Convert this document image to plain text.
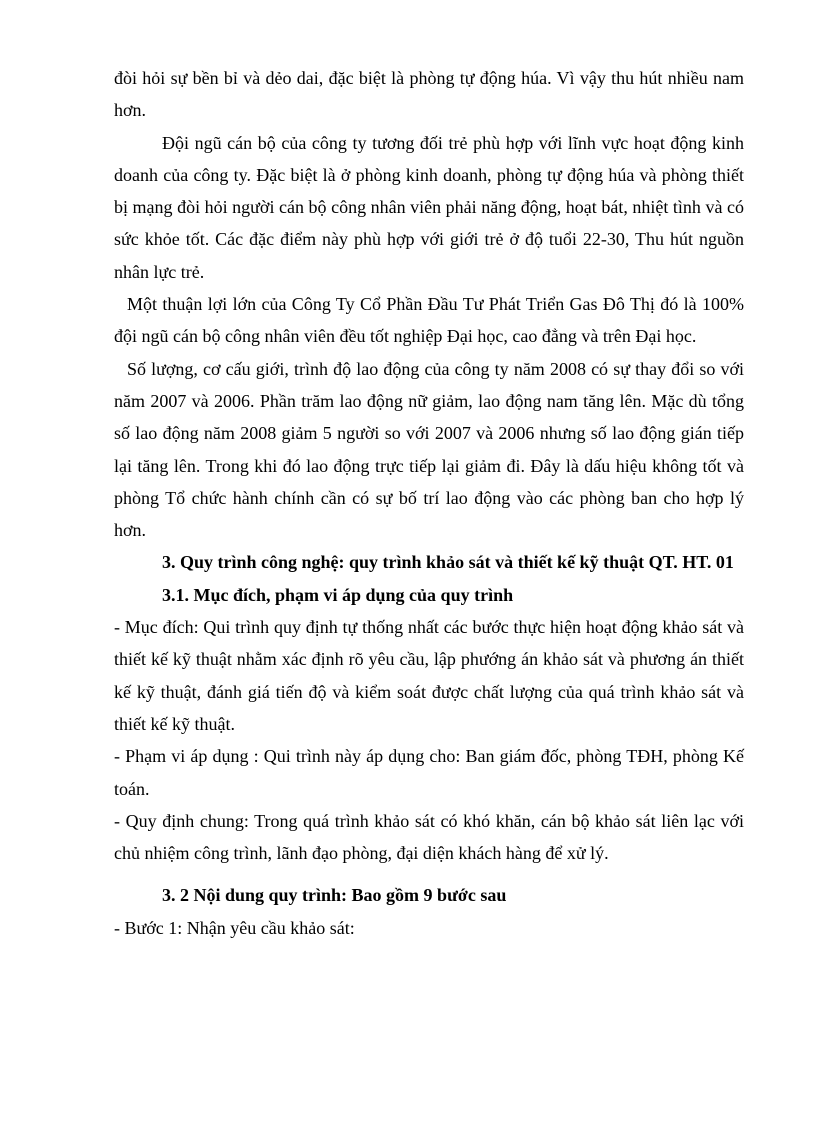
đòi hỏi sự bền bỉ và dẻo dai, đặc biệt là phòng tự động húa. Vì vậy thu hút nhiều nam hơn.

Đội ngũ cán bộ của công ty tương đối trẻ phù hợp với lĩnh vực hoạt động kinh doanh của công ty. Đặc biệt là ở phòng kinh doanh, phòng tự động húa và phòng thiết bị mạng đòi hỏi người cán bộ công nhân viên phải năng động, hoạt bát, nhiệt tình và có sức khỏe tốt. Các đặc điểm này phù hợp với giới trẻ ở độ tuổi 22-30, Thu hút nguồn nhân lực trẻ.

Một thuận lợi lớn của Công Ty Cổ Phần Đầu Tư Phát Triển Gas Đô Thị đó là 100% đội ngũ cán bộ công nhân viên đều tốt nghiệp Đại học, cao đẳng và trên Đại học.

Số lượng, cơ cấu giới, trình độ lao động của công ty năm 2008 có sự thay đổi so với năm 2007 và 2006. Phần trăm lao động nữ giảm, lao động nam tăng lên. Mặc dù tổng số lao động năm 2008 giảm 5 người so với 2007 và 2006 nhưng số lao động gián tiếp lại tăng lên. Trong khi đó lao động trực tiếp lại giảm đi. Đây là dấu hiệu không tốt và phòng Tổ chức hành chính cần có sự bố trí lao động vào các phòng ban cho hợp lý hơn.

3. Quy trình công nghệ: quy trình khảo sát và thiết kế kỹ thuật QT. HT. 01

3.1. Mục đích, phạm vi áp dụng của quy trình

- Mục đích: Qui trình quy định tự thống nhất các bước thực hiện hoạt động khảo sát và thiết kế kỹ thuật nhằm xác định rõ yêu cầu, lập phướng án khảo sát và phương án thiết kế kỹ thuật, đánh giá tiến độ và kiểm soát được chất lượng của quá trình khảo sát và thiết kế kỹ thuật.

- Phạm vi áp dụng : Qui trình này áp dụng cho: Ban giám đốc, phòng TĐH, phòng Kế toán.

- Quy định chung: Trong quá trình khảo sát có khó khăn, cán bộ khảo sát liên lạc với chủ nhiệm công trình, lãnh đạo phòng, đại diện khách hàng để xử lý.

3. 2 Nội dung quy trình: Bao gồm 9 bước sau

- Bước 1: Nhận yêu cầu khảo sát:
